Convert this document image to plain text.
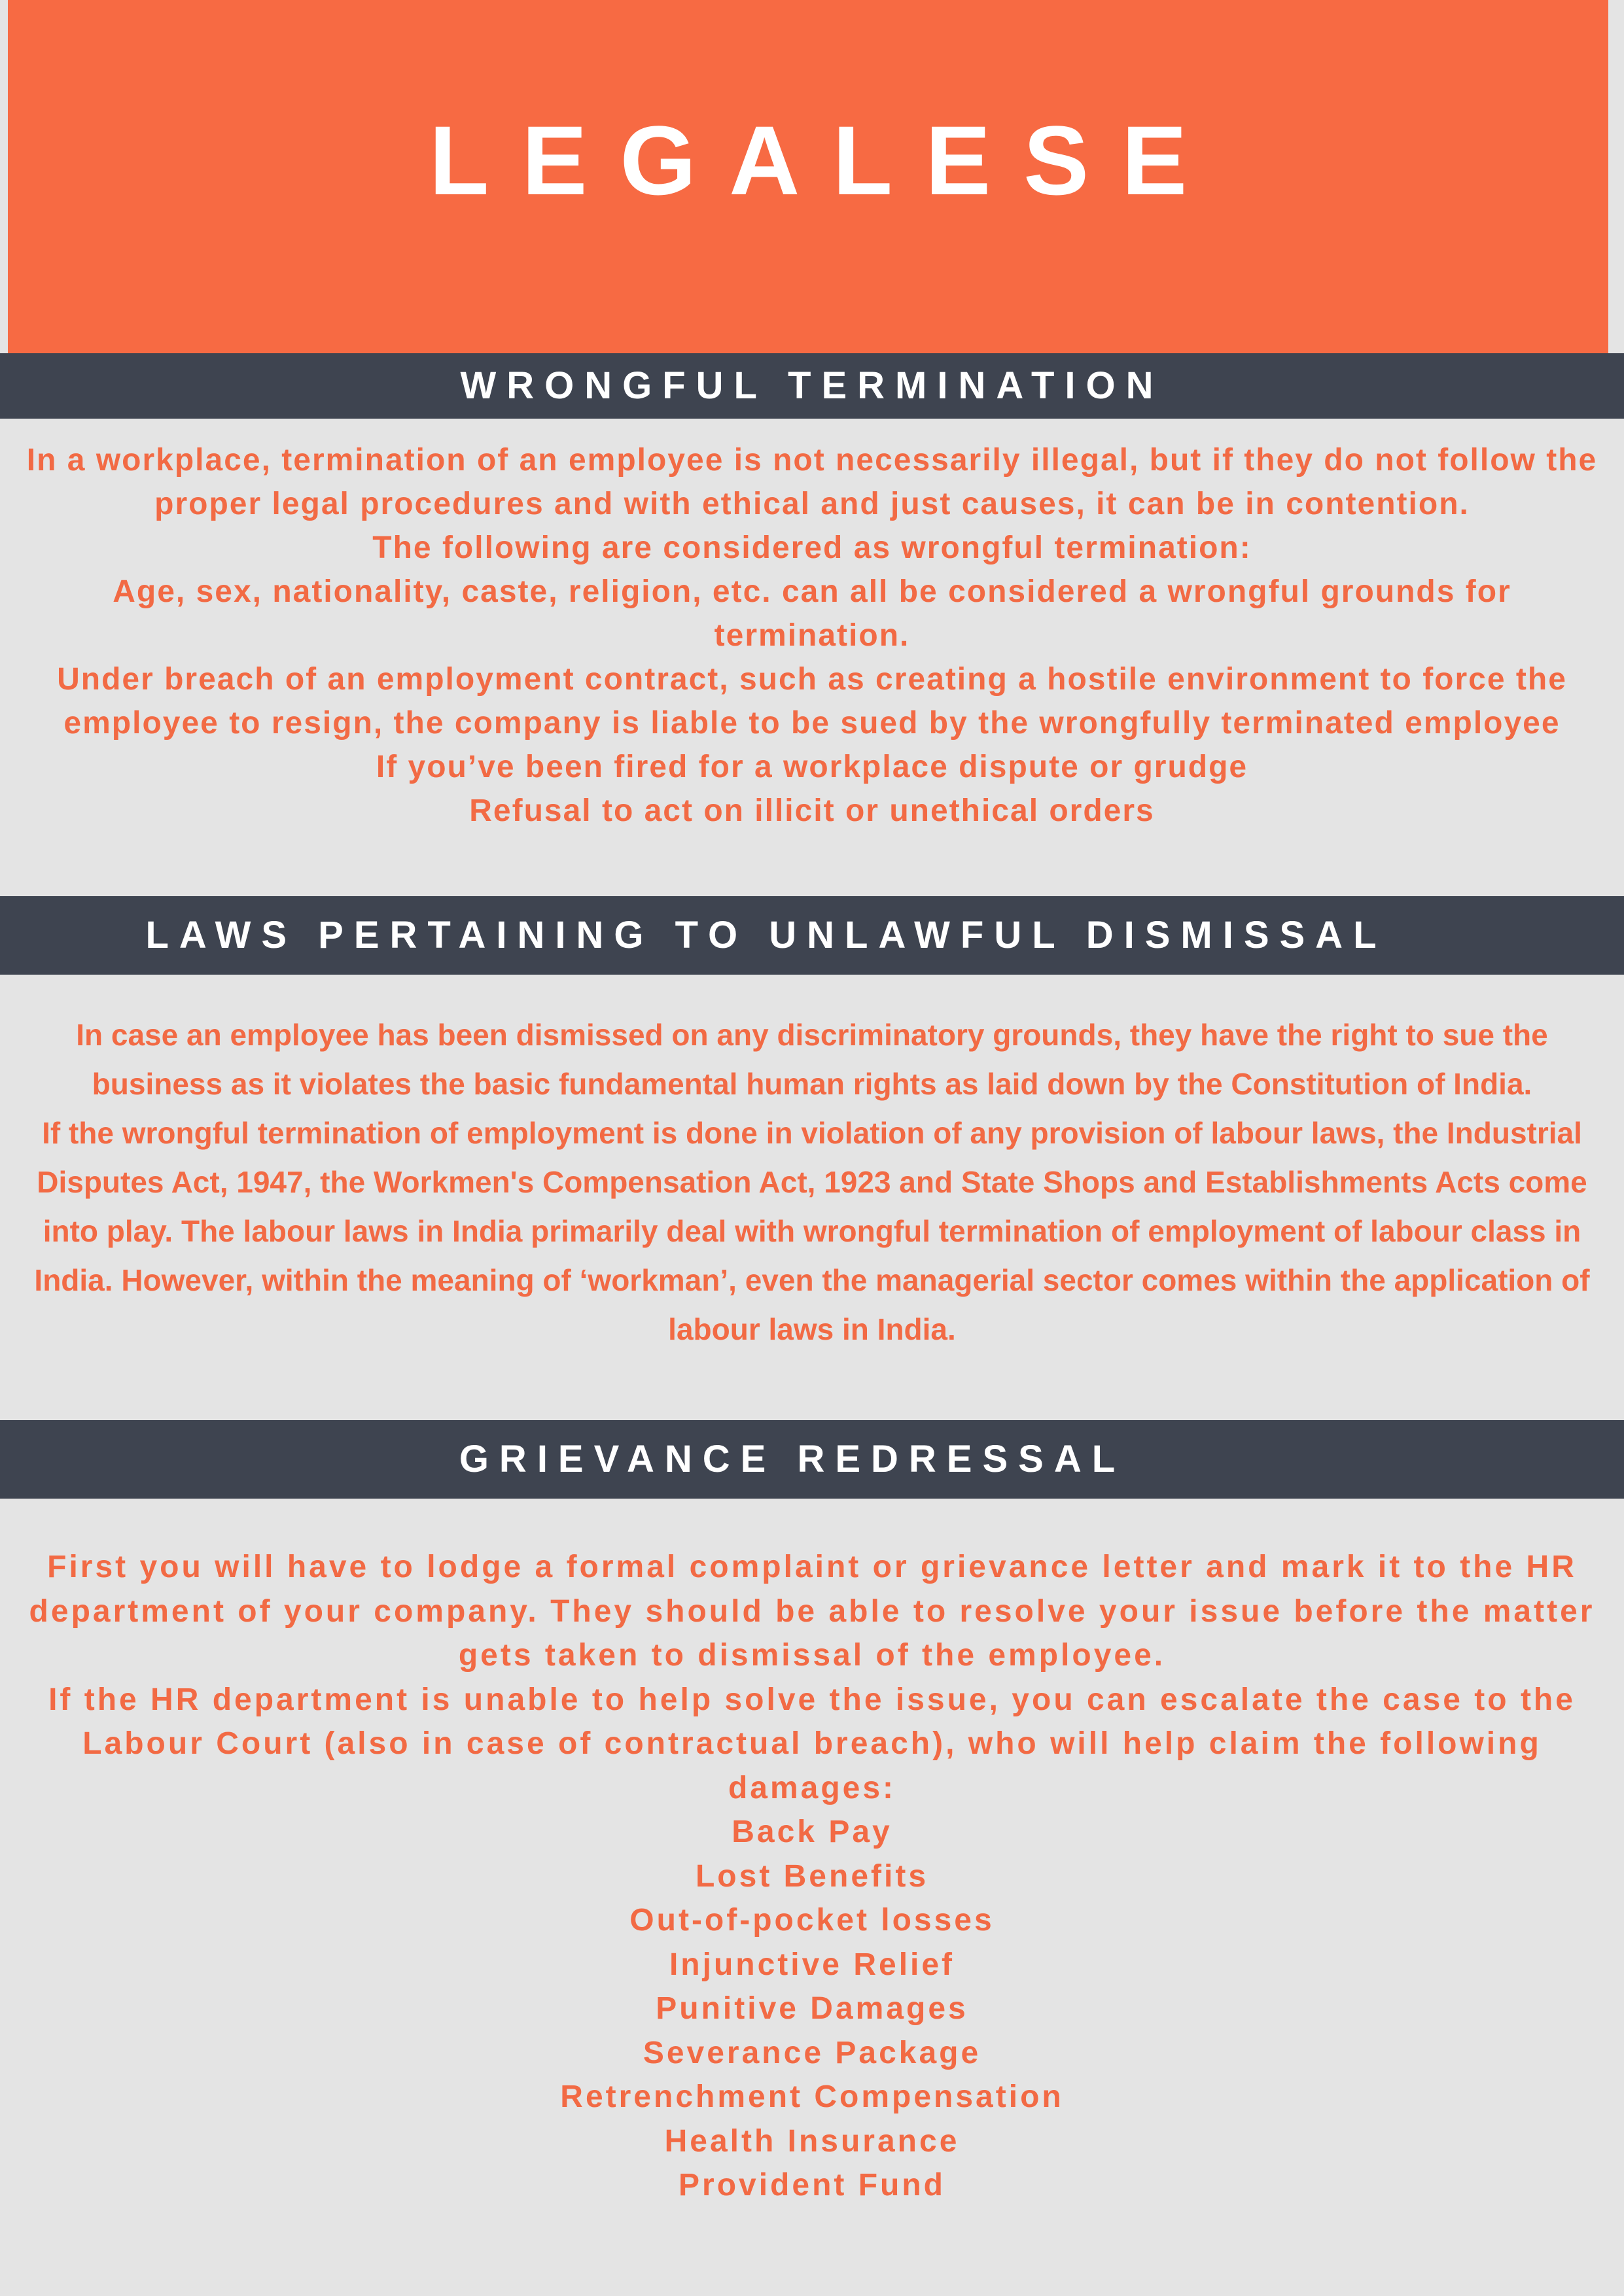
LEGALESE
WRONGFUL TERMINATION

In a workplace, termination of an employee is not necessarily illegal, but if they do not follow the proper legal procedures and with ethical and just causes, it can be in contention.

The following are considered as wrongful termination:

Age, sex, nationality, caste, religion, etc. can all be considered a wrongful grounds for termination.

Under breach of an employment contract, such as creating a hostile environment to force the employee to resign, the company is liable to be sued by the wrongfully terminated employee

If you’ve been fired for a workplace dispute or grudge

Refusal to act on illicit or unethical orders

LAWS PERTAINING TO UNLAWFUL DISMISSAL

In case an employee has been dismissed on any discriminatory grounds, they have the right to sue the business as it violates the basic fundamental human rights as laid down by the Constitution of India.

If the wrongful termination of employment is done in violation of any provision of labour laws, the Industrial Disputes Act, 1947, the Workmen's Compensation Act, 1923 and State Shops and Establishments Acts come into play. The labour laws in India primarily deal with wrongful termination of employment of labour class in India. However, within the meaning of ‘workman’, even the managerial sector comes within the application of labour laws in India.

GRIEVANCE REDRESSAL

First you will have to lodge a formal complaint or grievance letter and mark it to the HR department of your company. They should be able to resolve your issue before the matter gets taken to dismissal of the employee.

If the HR department is unable to help solve the issue, you can escalate the case to the Labour Court (also in case of contractual breach), who will help claim the following damages:

Back Pay

Lost Benefits

Out-of-pocket losses

Injunctive Relief

Punitive Damages

Severance Package

Retrenchment Compensation

Health Insurance

Provident Fund
